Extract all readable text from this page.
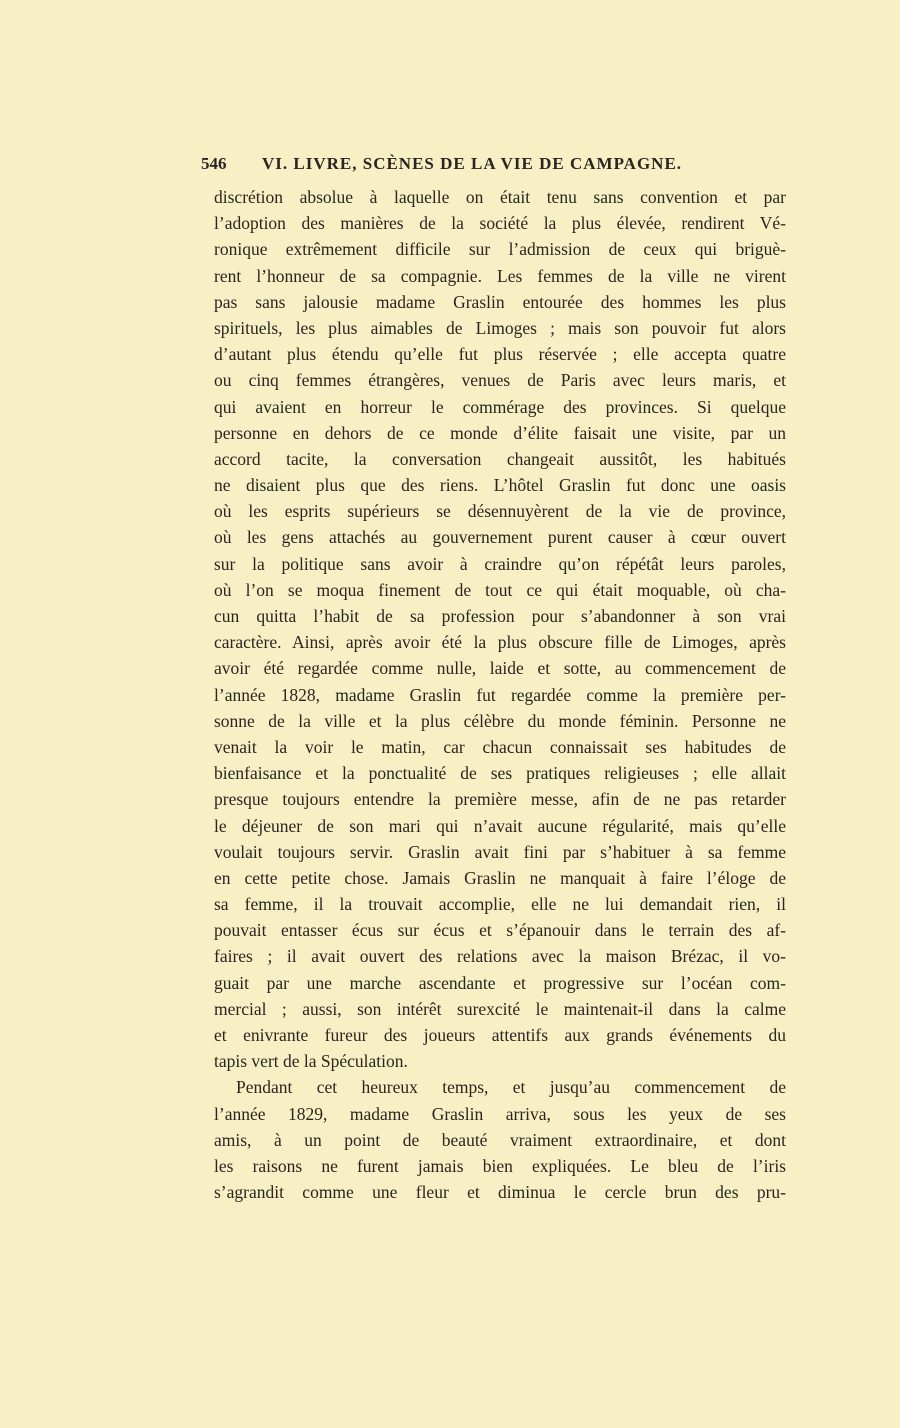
546 VI. LIVRE, SCÈNES DE LA VIE DE CAMPAGNE.
discrétion absolue à laquelle on était tenu sans convention et par
l’adoption des manières de la société la plus élevée, rendirent Vé-
ronique extrêmement difficile sur l’admission de ceux qui briguè-
rent l’honneur de sa compagnie. Les femmes de la ville ne virent
pas sans jalousie madame Graslin entourée des hommes les plus
spirituels, les plus aimables de Limoges ; mais son pouvoir fut alors
d’autant plus étendu qu’elle fut plus réservée ; elle accepta quatre
ou cinq femmes étrangères, venues de Paris avec leurs maris, et
qui avaient en horreur le commérage des provinces. Si quelque
personne en dehors de ce monde d’élite faisait une visite, par un
accord tacite, la conversation changeait aussitôt, les habitués
ne disaient plus que des riens. L’hôtel Graslin fut donc une oasis
où les esprits supérieurs se désennuyèrent de la vie de province,
où les gens attachés au gouvernement purent causer à cœur ouvert
sur la politique sans avoir à craindre qu’on répétât leurs paroles,
où l’on se moqua finement de tout ce qui était moquable, où cha-
cun quitta l’habit de sa profession pour s’abandonner à son vrai
caractère. Ainsi, après avoir été la plus obscure fille de Limoges, après
avoir été regardée comme nulle, laide et sotte, au commencement de
l’année 1828, madame Graslin fut regardée comme la première per-
sonne de la ville et la plus célèbre du monde féminin. Personne ne
venait la voir le matin, car chacun connaissait ses habitudes de
bienfaisance et la ponctualité de ses pratiques religieuses ; elle allait
presque toujours entendre la première messe, afin de ne pas retarder
le déjeuner de son mari qui n’avait aucune régularité, mais qu’elle
voulait toujours servir. Graslin avait fini par s’habituer à sa femme
en cette petite chose. Jamais Graslin ne manquait à faire l’éloge de
sa femme, il la trouvait accomplie, elle ne lui demandait rien, il
pouvait entasser écus sur écus et s’épanouir dans le terrain des af-
faires ; il avait ouvert des relations avec la maison Brézac, il vo-
guait par une marche ascendante et progressive sur l’océan com-
mercial ; aussi, son intérêt surexcité le maintenait-il dans la calme
et enivrante fureur des joueurs attentifs aux grands événements du
tapis vert de la Spéculation.
Pendant cet heureux temps, et jusqu’au commencement de
l’année 1829, madame Graslin arriva, sous les yeux de ses
amis, à un point de beauté vraiment extraordinaire, et dont
les raisons ne furent jamais bien expliquées. Le bleu de l’iris
s’agrandit comme une fleur et diminua le cercle brun des pru-
